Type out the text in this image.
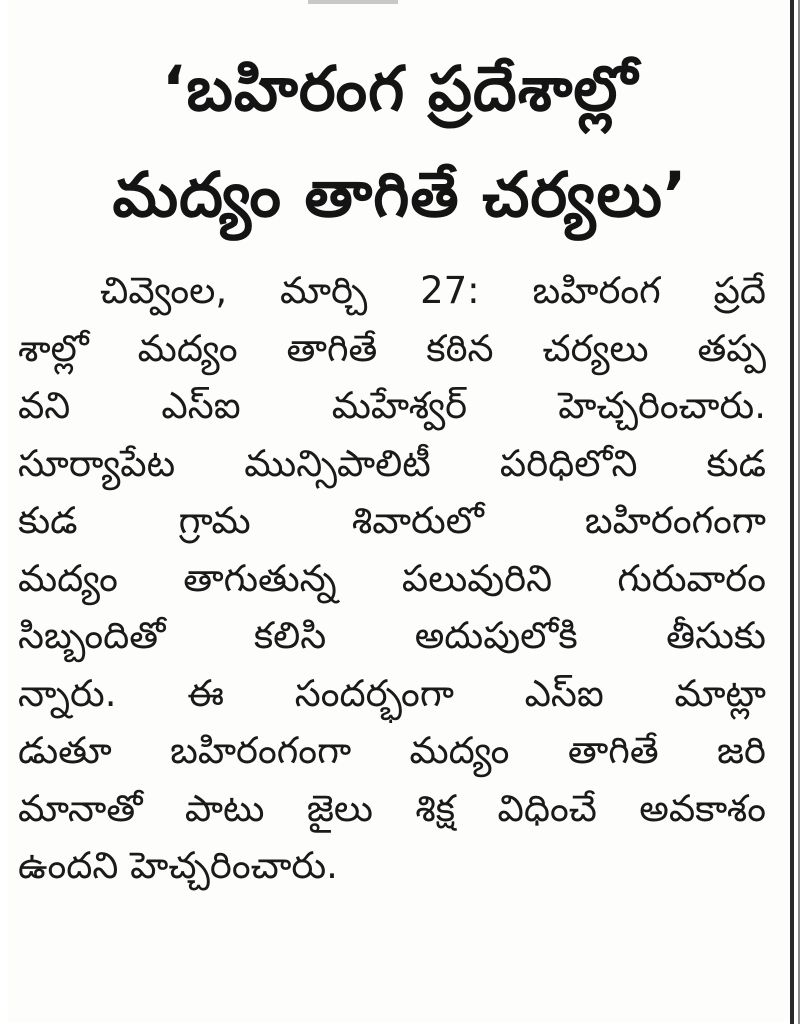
‘బహిరంగ ప్రదేశాల్లో
మద్యం తాగితే చర్యలు’
చివ్వెంల, మార్చి 27: బహిరంగ ప్రదే
శాల్లో మద్యం తాగితే కఠిన చర్యలు తప్ప
వని ఎస్ఐ మహేశ్వర్ హెచ్చరించారు.
సూర్యాపేట మున్సిపాలిటీ పరిధిలోని కుడ
కుడ గ్రామ శివారులో బహిరంగంగా
మద్యం తాగుతున్న పలువురిని గురువారం
సిబ్బందితో కలిసి అదుపులోకి తీసుకు
న్నారు. ఈ సందర్భంగా ఎస్ఐ మాట్లా
డుతూ బహిరంగంగా మద్యం తాగితే జరి
మానాతో పాటు జైలు శిక్ష విధించే అవకాశం
ఉందని హెచ్చరించారు.
